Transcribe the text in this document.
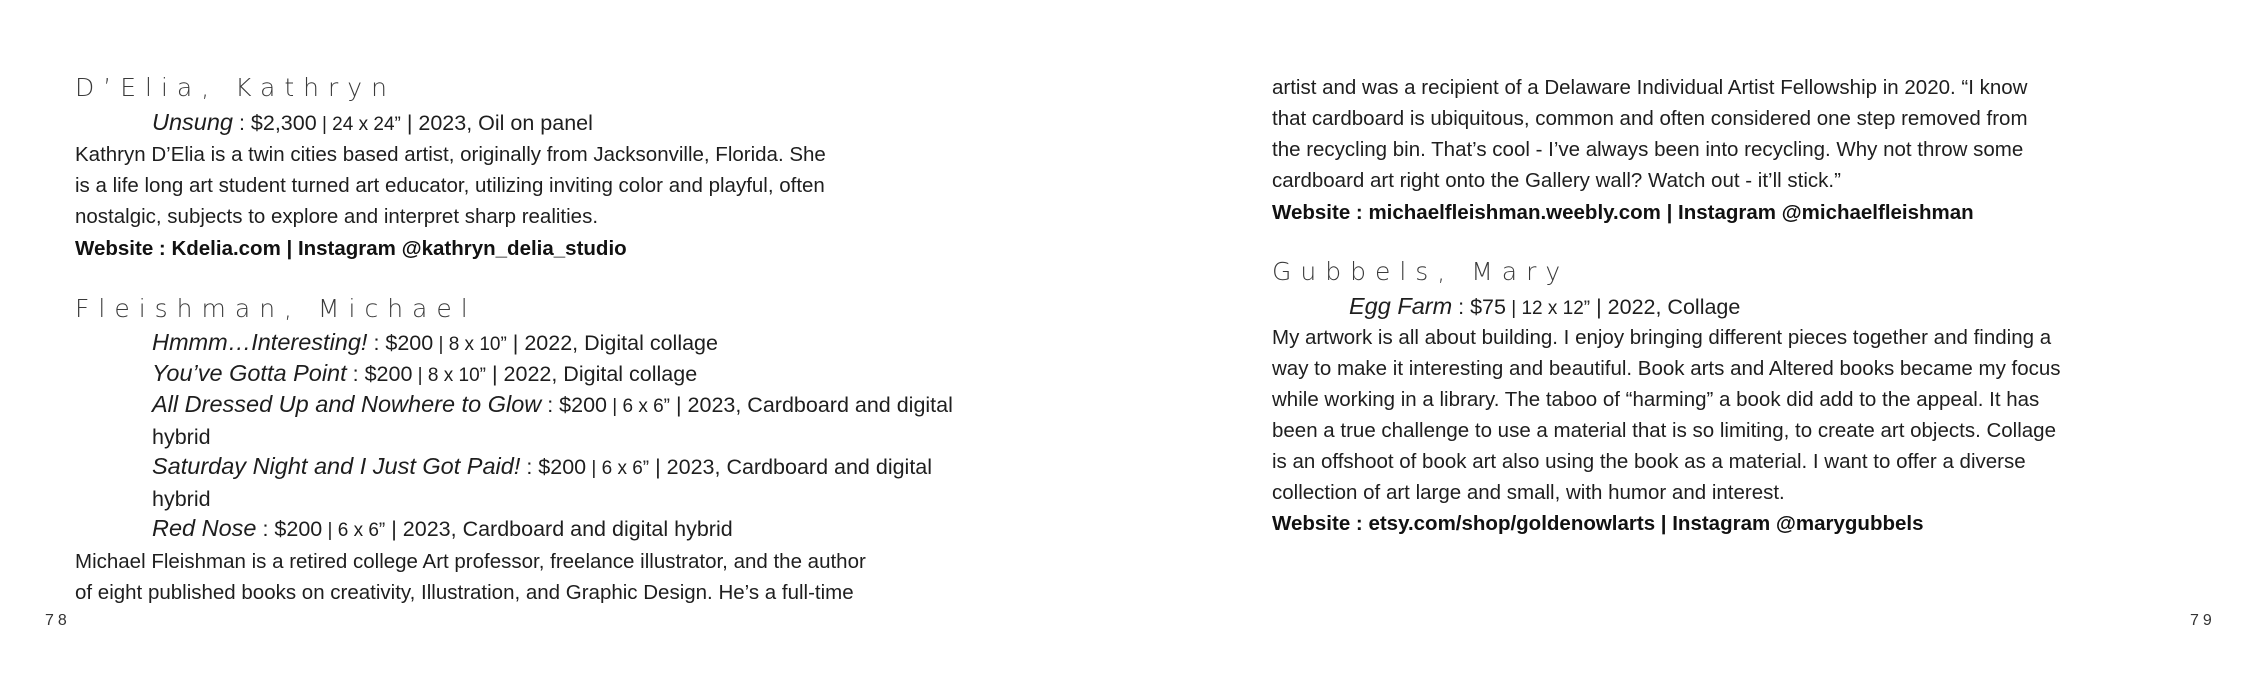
D’Elia, Kathryn
Unsung : $2,300 | 24 x 24” | 2023, Oil on panel
Kathryn D’Elia is a twin cities based artist, originally from Jacksonville, Florida. She
is a life long art student turned art educator, utilizing inviting color and playful, often
nostalgic, subjects to explore and interpret sharp realities.
Website : Kdelia.com | Instagram @kathryn_delia_studio
Fleishman, Michael
Hmmm…Interesting! : $200 | 8 x 10” | 2022, Digital collage
You’ve Gotta Point : $200 | 8 x 10” | 2022, Digital collage
All Dressed Up and Nowhere to Glow : $200 | 6 x 6” | 2023, Cardboard and digital hybrid
Saturday Night and I Just Got Paid! : $200 | 6 x 6” | 2023, Cardboard and digital hybrid
Red Nose : $200 | 6 x 6” | 2023, Cardboard and digital hybrid
Michael Fleishman is a retired college Art professor, freelance illustrator, and the author
of eight published books on creativity, Illustration, and Graphic Design. He’s a full-time
78
artist and was a recipient of a Delaware Individual Artist Fellowship in 2020. “I know
that cardboard is ubiquitous, common and often considered one step removed from
the recycling bin. That’s cool - I’ve always been into recycling. Why not throw some
cardboard art right onto the Gallery wall? Watch out - it’ll stick.”
Website : michaelfleishman.weebly.com | Instagram @michaelfleishman
Gubbels, Mary
Egg Farm : $75 | 12 x 12” | 2022, Collage
My artwork is all about building. I enjoy bringing different pieces together and finding a
way to make it interesting and beautiful. Book arts and Altered books became my focus
while working in a library. The taboo of “harming” a book did add to the appeal. It has
been a true challenge to use a material that is so limiting, to create art objects. Collage
is an offshoot of book art also using the book as a material. I want to offer a diverse
collection of art large and small, with humor and interest.
Website : etsy.com/shop/goldenowlarts | Instagram @marygubbels
79
